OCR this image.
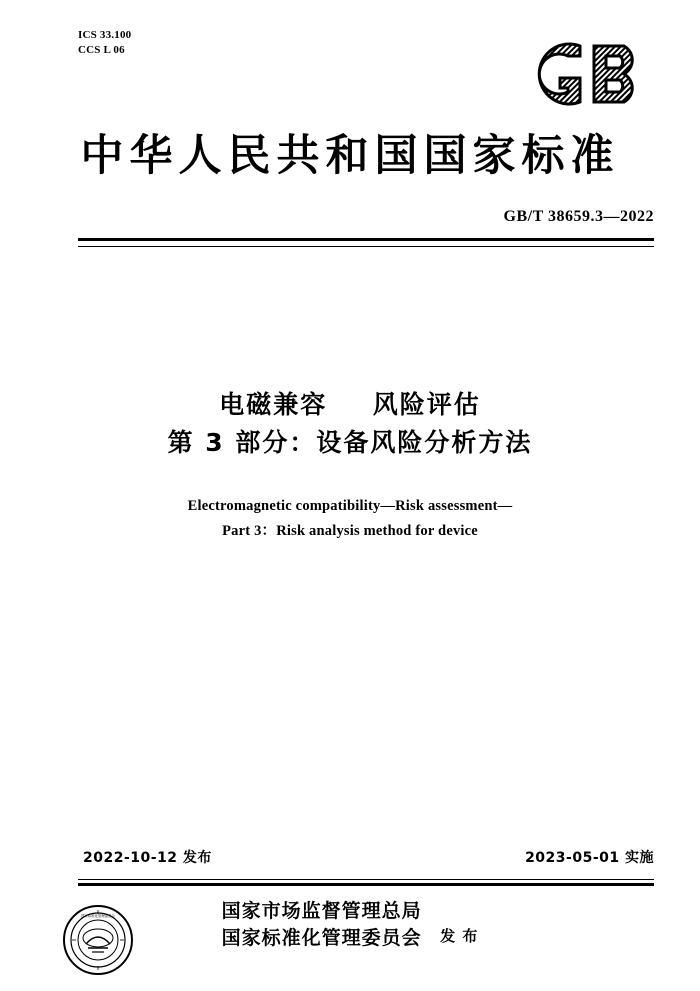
ICS 33.100
CCS L 06
中华人民共和国国家标准
GB/T 38659.3—2022
电磁兼容 风险评估
第 3 部分：设备风险分析方法
Electromagnetic compatibility—Risk assessment—
Part 3：Risk analysis method for device
2022-10-12 发布	2023-05-01 实施
国家标准化管理委员会	国家市场监督管理总局
国家标准化管理委员会 发 布
